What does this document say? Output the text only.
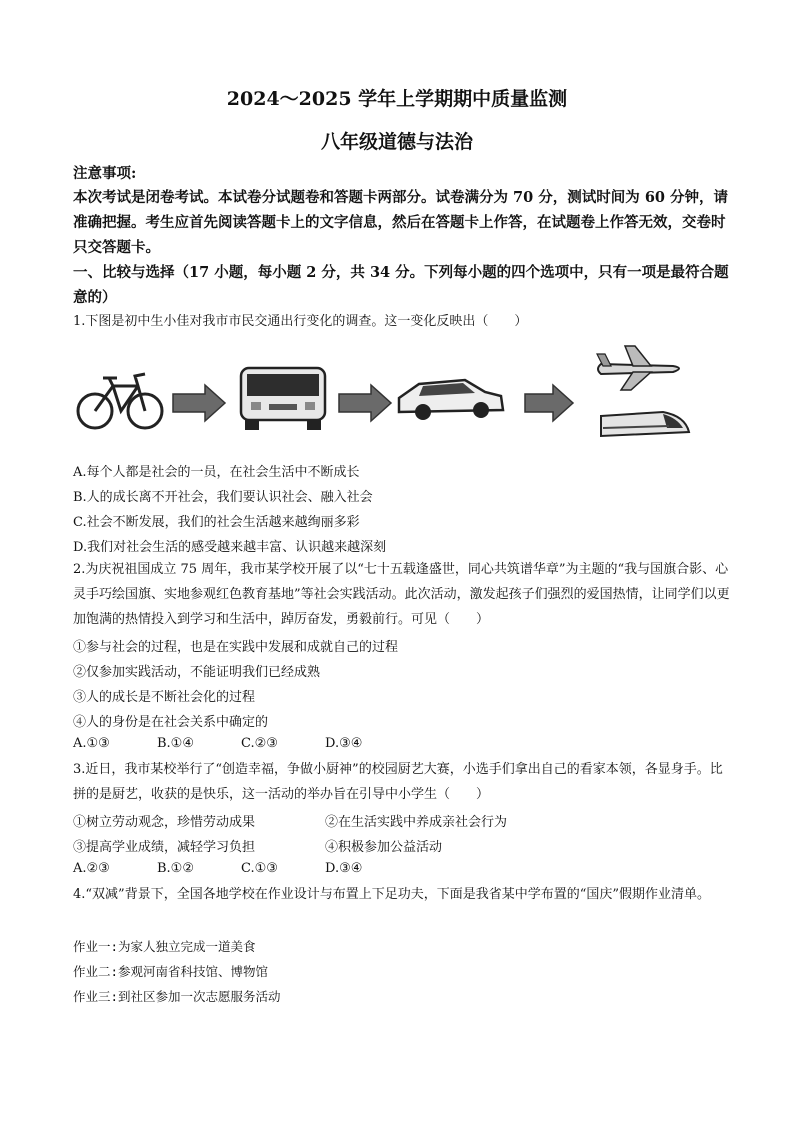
2024～2025 学年上学期期中质量监测
八年级道德与法治
注意事项:
本次考试是闭卷考试。本试卷分试题卷和答题卡两部分。试卷满分为 70 分，测试时间为 60 分钟，请准确把握。考生应首先阅读答题卡上的文字信息，然后在答题卡上作答，在试题卷上作答无效，交卷时只交答题卡。
一、比较与选择（17 小题，每小题 2 分，共 34 分。下列每小题的四个选项中，只有一项是最符合题意的）
1.下图是初中生小佳对我市市民交通出行变化的调查。这一变化反映出（　　）
A.每个人都是社会的一员，在社会生活中不断成长
B.人的成长离不开社会，我们要认识社会、融入社会
C.社会不断发展，我们的社会生活越来越绚丽多彩
D.我们对社会生活的感受越来越丰富、认识越来越深刻
2.为庆祝祖国成立 75 周年，我市某学校开展了以“七十五载逢盛世，同心共筑谱华章”为主题的“我与国旗合影、心灵手巧绘国旗、实地参观红色教育基地”等社会实践活动。此次活动，激发起孩子们强烈的爱国热情，让同学们以更加饱满的热情投入到学习和生活中，踔厉奋发，勇毅前行。可见（　　）
①参与社会的过程，也是在实践中发展和成就自己的过程
②仅参加实践活动，不能证明我们已经成熟
③人的成长是不断社会化的过程
④人的身份是在社会关系中确定的
A.①③	B.①④	C.②③	D.③④
3.近日，我市某校举行了“创造幸福，争做小厨神”的校园厨艺大赛，小选手们拿出自己的看家本领，各显身手。比拼的是厨艺，收获的是快乐，这一活动的举办旨在引导中小学生（　　）
①树立劳动观念，珍惜劳动成果	②在生活实践中养成亲社会行为
③提高学业成绩，减轻学习负担	④积极参加公益活动
A.②③	B.①②	C.①③	D.③④
4.“双减”背景下，全国各地学校在作业设计与布置上下足功夫，下面是我省某中学布置的“国庆”假期作业清单。
作业一:为家人独立完成一道美食
作业二:参观河南省科技馆、博物馆
作业三:到社区参加一次志愿服务活动
